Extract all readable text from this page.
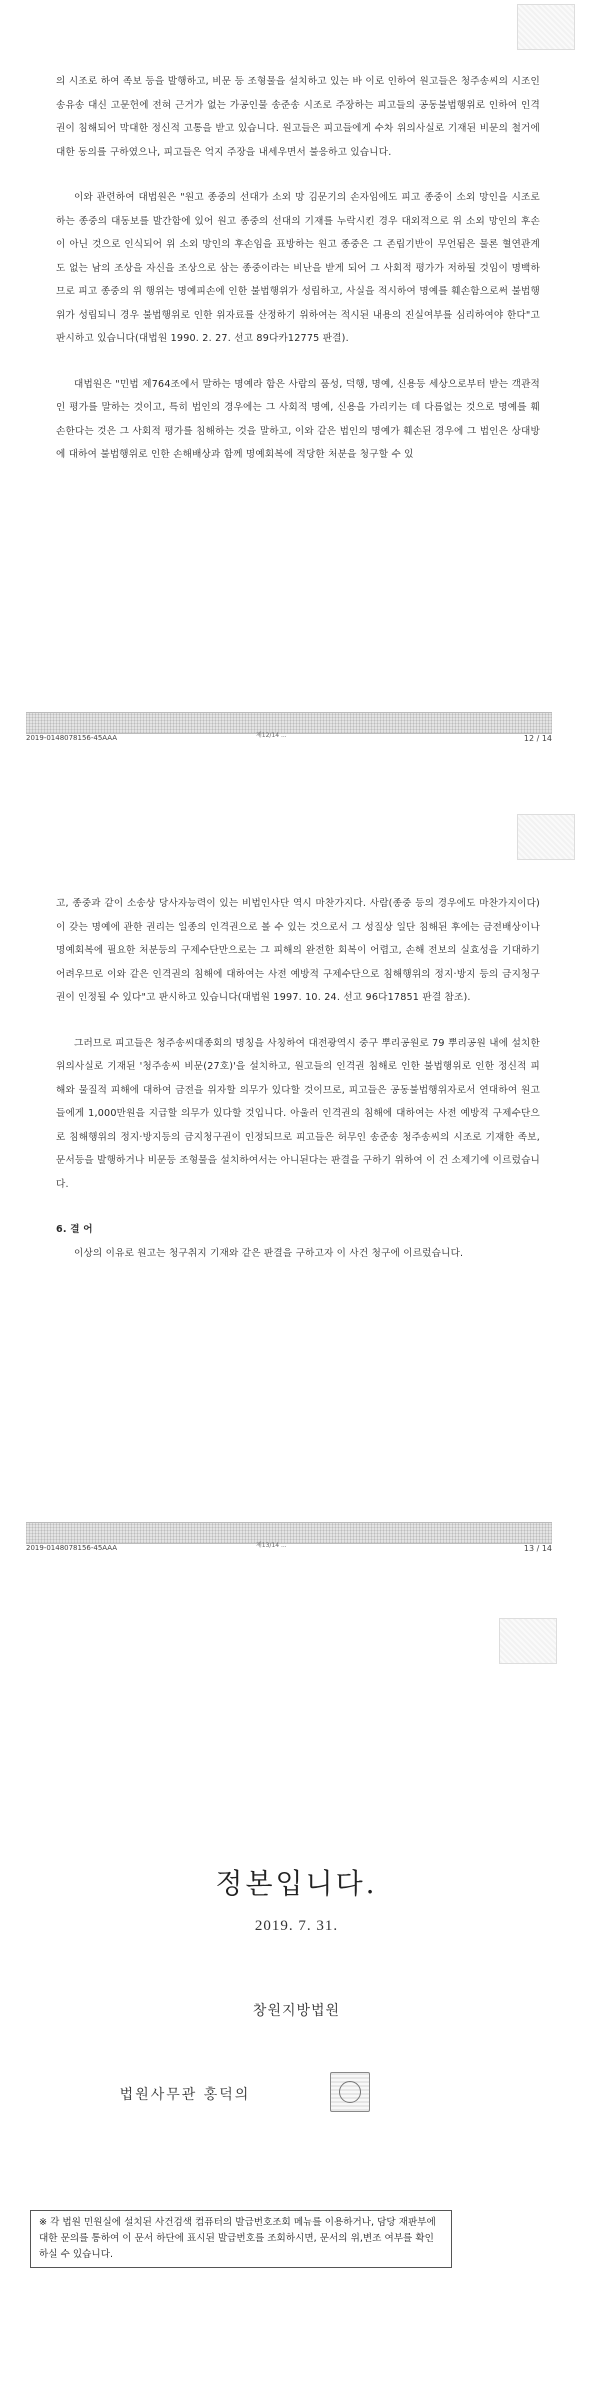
의 시조로 하여 족보 등을 발행하고, 비문 등 조형물을 설치하고 있는 바 이로 인하여 원고들은 청주송씨의 시조인 송유송 대신 고문헌에 전혀 근거가 없는 가공인물 송준송 시조로 주장하는 피고들의 공동불법행위로 인하여 인격권이 침해되어 막대한 정신적 고통을 받고 있습니다. 원고들은 피고들에게 수차 위의사실로 기재된 비문의 철거에 대한 동의를 구하였으나, 피고들은 억지 주장을 내세우면서 불응하고 있습니다.

이와 관련하여 대법원은 "원고 종중의 선대가 소외 망 김문기의 손자임에도 피고 종중이 소외 망인을 시조로 하는 종중의 대동보를 발간함에 있어 원고 종중의 선대의 기재를 누락시킨 경우 대외적으로 위 소외 망인의 후손이 아닌 것으로 인식되어 위 소외 망인의 후손임을 표방하는 원고 종중은 그 존립기반이 무언됨은 물론 혈연관계도 없는 남의 조상을 자신을 조상으로 삼는 종중이라는 비난을 받게 되어 그 사회적 평가가 저하될 것임이 명백하므로 피고 종중의 위 행위는 명예피손에 인한 불법행위가 성립하고, 사실을 적시하여 명예를 훼손함으로써 불법행위가 성립되니 경우 불법행위로 인한 위자료를 산정하기 위하여는 적시된 내용의 진실여부를 심리하여야 한다"고 판시하고 있습니다(대법원 1990. 2. 27. 선고 89다카12775 판결).

대법원은 "민법 제764조에서 말하는 명예라 함은 사람의 품성, 덕행, 명예, 신용등 세상으로부터 받는 객관적인 평가를 말하는 것이고, 특히 법인의 경우에는 그 사회적 명예, 신용을 가리키는 데 다름없는 것으로 명예를 훼손한다는 것은 그 사회적 평가를 침해하는 것을 말하고, 이와 같은 법인의 명예가 훼손된 경우에 그 법인은 상대방에 대하여 불법행위로 인한 손해배상과 함께 명예회복에 적당한 처분을 청구할 수 있

2019-0148078156-45AAA	제12/14 ...	12 / 14

고, 종중과 같이 소송상 당사자능력이 있는 비법인사단 역시 마찬가지다. 사람(종중 등의 경우에도 마찬가지이다)이 갖는 명예에 관한 권리는 일종의 인격권으로 볼 수 있는 것으로서 그 성질상 일단 침해된 후에는 금전배상이나 명예회복에 필요한 처분등의 구제수단만으로는 그 피해의 완전한 회복이 어렵고, 손해 전보의 실효성을 기대하기 어려우므로 이와 같은 인격권의 침해에 대하여는 사전 예방적 구제수단으로 침해행위의 정지·방지 등의 금지청구권이 인정될 수 있다"고 판시하고 있습니다(대법원 1997. 10. 24. 선고 96다17851 판결 참조).

그러므로 피고들은 청주송씨대종회의 명칭을 사칭하여 대전광역시 중구 뿌리공원로 79 뿌리공원 내에 설치한 위의사실로 기재된 '청주송씨 비문(27호)'을 설치하고, 원고들의 인격권 침해로 인한 불법행위로 인한 정신적 피해와 물질적 피해에 대하여 금전을 위자할 의무가 있다할 것이므로, 피고들은 공동불법행위자로서 연대하여 원고들에게 1,000만원을 지급할 의무가 있다할 것입니다. 아울러 인격권의 침해에 대하여는 사전 예방적 구제수단으로 침해행위의 정지·방지등의 금지청구권이 인정되므로 피고들은 허무인 송준송 청주송씨의 시조로 기재한 족보, 문서등을 발행하거나 비문등 조형물을 설치하여서는 아니된다는 판결을 구하기 위하여 이 건 소제기에 이르렀습니다.

6. 결 어

이상의 이유로 원고는 청구취지 기재와 같은 판결을 구하고자 이 사건 청구에 이르렀습니다.

2019-0148078156-45AAA	제13/14 ...	13 / 14
정본입니다.
2019. 7. 31.
창원지방법원
법원사무관 홍덕의
※ 각 법원 민원실에 설치된 사건검색 컴퓨터의 발급번호조회 메뉴를 이용하거나, 담당 재판부에 대한 문의를 통하여 이 문서 하단에 표시된 발급번호를 조회하시면, 문서의 위,변조 여부를 확인하실 수 있습니다.
